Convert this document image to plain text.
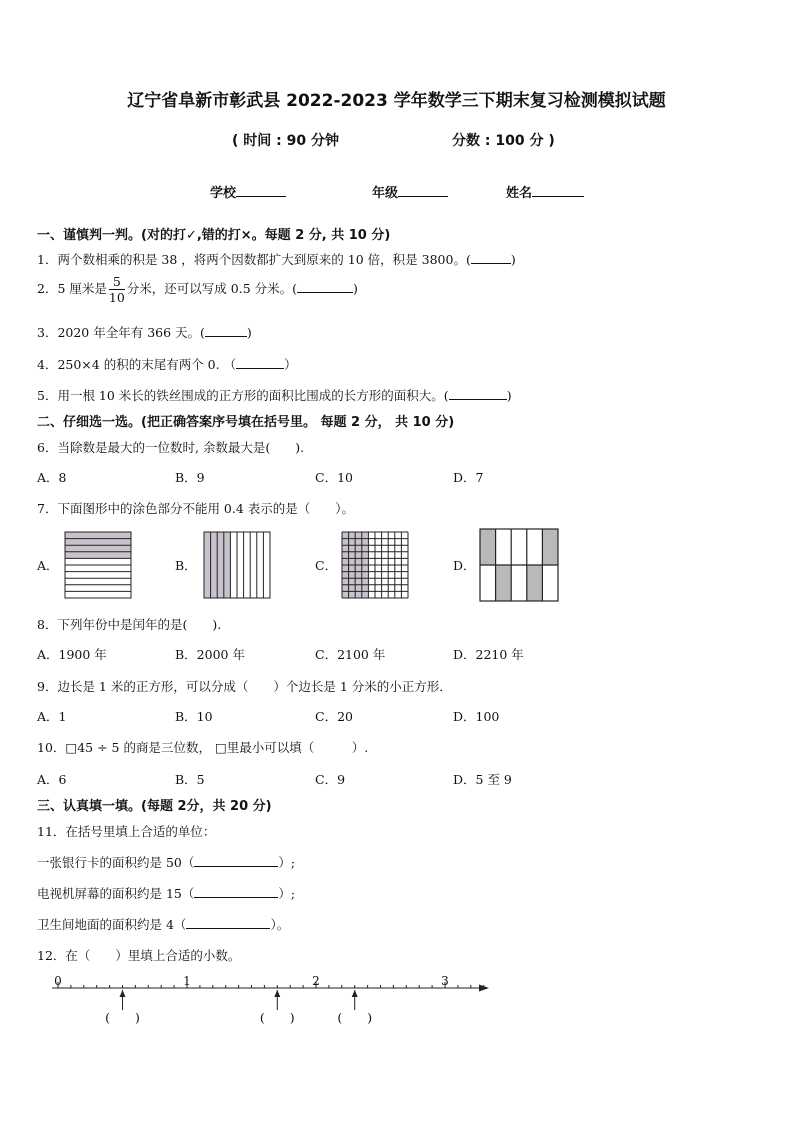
辽宁省阜新市彰武县 2022-2023 学年数学三下期末复习检测模拟试题
( 时间 : 90 分钟	分数 : 100 分 )
学校	年级	姓名
一、谨慎判一判。(对的打✓,错的打×。每题 2 分, 共 10 分)
1．两个数相乘的积是 38 ，将两个因数都扩大到原来的 10 倍，积是 3800。(	)
2．5 厘米是 $\frac{5}{10}$ 分米，还可以写成 0.5 分米。(	)
3．2020 年全年有 366 天。(	)
4．250×4 的积的末尾有两个 0. （	）
5．用一根 10 米长的铁丝围成的正方形的面积比围成的长方形的面积大。(	)
二、仔细选一选。(把正确答案序号填在括号里。 每题 2 分， 共 10 分)
6．当除数是最大的一位数时, 余数最大是(　　).
A．8	B．9	C．10	D．7
7．下面图形中的涂色部分不能用 0.4 表示的是（　　）。
A．	B．	C．	D．
8．下列年份中是闰年的是(　　).
A．1900 年	B．2000 年	C．2100 年	D．2210 年
9．边长是 1 米的正方形，可以分成（　　）个边长是 1 分米的小正方形．
A．1	B．10	C．20	D．100
10．□45 ÷ 5 的商是三位数， □里最小可以填（　　　）.
A．6	B．5	C．9	D．5 至 9
三、认真填一填。(每题 2分，共 20 分)
11．在括号里填上合适的单位：
一张银行卡的面积约是 50（	）;
电视机屏幕的面积约是 15（	）;
卫生间地面的面积约是 4（	）。
12．在（　　）里填上合适的小数。
0	1	2	3
(　　)	(　　)	(　　)
